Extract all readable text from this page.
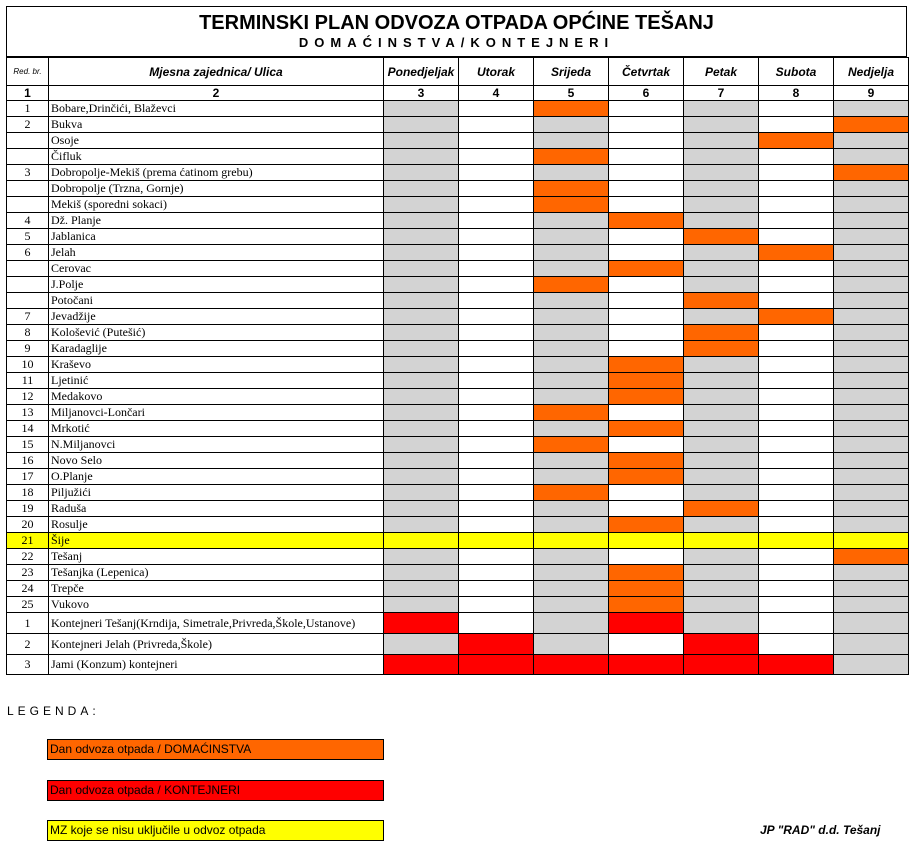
TERMINSKI PLAN ODVOZA OTPADA OPĆINE TEŠANJ
DOMAĆINSTVA/KONTEJNERI
Red. br.	Mjesna zajednica/ Ulica	Ponedjeljak	Utorak	Srijeda	Četvrtak	Petak	Subota	Nedjelja
1	2	3	4	5	6	7	8	9
1	Bobare,Drinčići, Blaževci							
2	Bukva							
	Osoje							
	Čifluk							
3	Dobropolje-Mekiš (prema ćatinom grebu)							
	Dobropolje (Trzna, Gornje)							
	Mekiš (sporedni sokaci)							
4	Dž. Planje							
5	Jablanica							
6	Jelah							
	Cerovac							
	J.Polje							
	Potočani							
7	Jevadžije							
8	Kološević (Putešić)							
9	Karadaglije							
10	Kraševo							
11	Ljetinić							
12	Medakovo							
13	Miljanovci-Lončari							
14	Mrkotić							
15	N.Miljanovci							
16	Novo Selo							
17	O.Planje							
18	Piljužići							
19	Raduša							
20	Rosulje							
21	Šije							
22	Tešanj							
23	Tešanjka (Lepenica)							
24	Trepče							
25	Vukovo							
1	Kontejneri Tešanj(Krndija, Simetrale,Privreda,Škole,Ustanove)							
2	Kontejneri Jelah (Privreda,Škole)							
3	Jami (Konzum) kontejneri							
LEGENDA:
Dan odvoza otpada / DOMAĆINSTVA
Dan odvoza otpada / KONTEJNERI
MZ koje se nisu uključile u odvoz otpada	JP "RAD" d.d. Tešanj
